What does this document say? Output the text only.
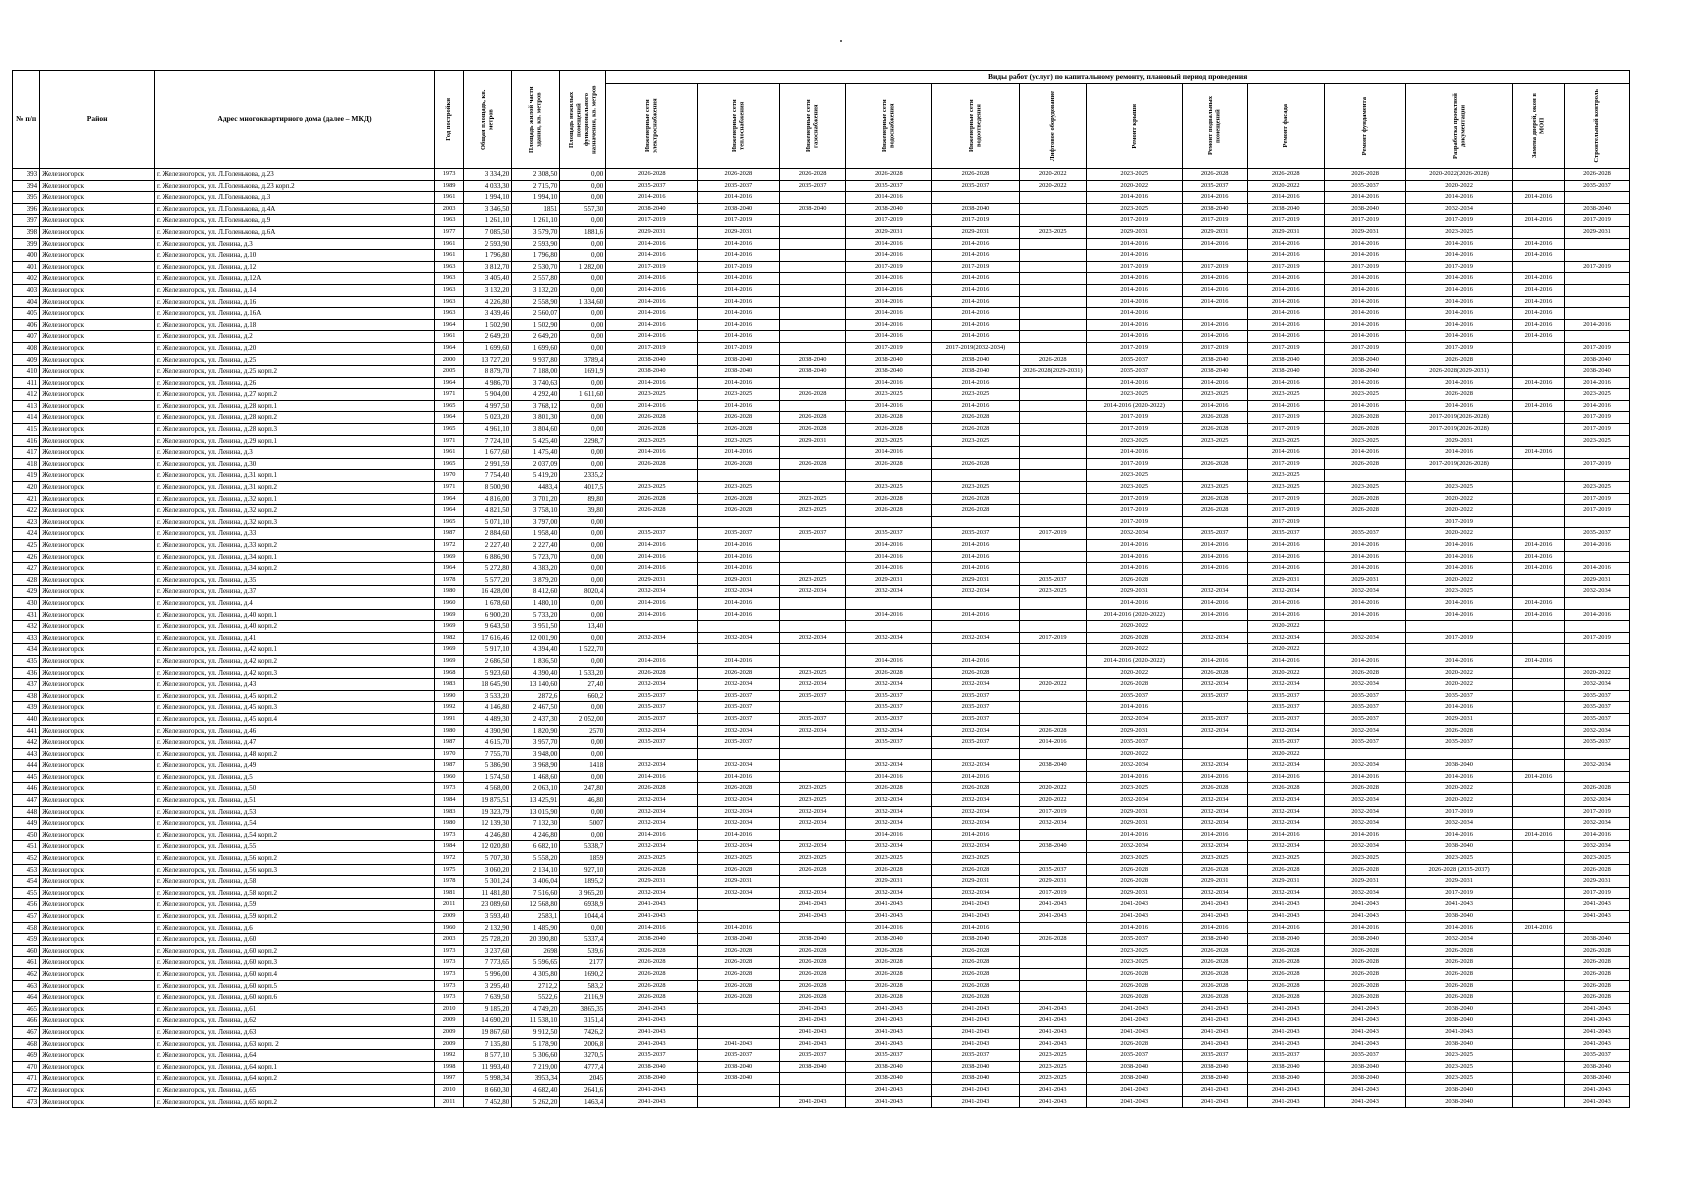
№ п/п	Район	Адрес многоквартирного дома (далее – МКД)	Год постройки	Общая площадь, кв. метров	Площадь жилой части здания, кв. метров	Площадь нежилых помещений функционального назначения, кв. метров	Виды работ (услуг) по капитальному ремонту, плановый период проведения												

							Инженерные сети электроснабжения	Инженерные сети теплоснабжения	Инженерные сети газоснабжения	Инженерные сети водоснабжения	Инженерные сети водоотведения	Лифтовое оборудование	Ремонт крыши	Ремонт подвальных помещений	Ремонт фасада	Ремонт фундамента	Разработка проектной документации	Замена дверей, окон в МОП	Строительный контроль

393	Железногорск	г. Железногорск, ул. Л.Голенькова, д.23	1973	3 334,20	2 308,50	0,00	2026-2028	2026-2028	2026-2028	2026-2028	2026-2028	2020-2022	2023-2025	2026-2028	2026-2028	2026-2028	2020-2022(2026-2028)		2026-2028
394	Железногорск	г. Железногорск, ул. Л.Голенькова, д.23 корп.2	1989	4 033,30	2 715,70	0,00	2035-2037	2035-2037	2035-2037	2035-2037	2035-2037	2020-2022	2020-2022	2035-2037	2020-2022	2035-2037	2020-2022		2035-2037
395	Железногорск	г. Железногорск, ул. Л.Голенькова, д.3	1961	1 994,10	1 994,10	0,00	2014-2016	2014-2016		2014-2016			2014-2016	2014-2016	2014-2016	2014-2016	2014-2016	2014-2016	
396	Железногорск	г. Железногорск, ул. Л.Голенькова, д.4А	2003	3 346,50	1851	557,30	2038-2040	2038-2040	2038-2040	2038-2040	2038-2040		2023-2025	2038-2040	2038-2040	2038-2040	2032-2034		2038-2040
397	Железногорск	г. Железногорск, ул. Л.Голенькова, д.9	1963	1 261,10	1 261,10	0,00	2017-2019	2017-2019		2017-2019	2017-2019		2017-2019	2017-2019	2017-2019	2017-2019	2017-2019	2014-2016	2017-2019
398	Железногорск	г. Железногорск, ул. Л.Голенькова, д.6А	1977	7 085,50	3 579,70	1881,6	2029-2031	2029-2031		2029-2031	2029-2031	2023-2025	2029-2031	2029-2031	2029-2031	2029-2031	2023-2025		2029-2031
399	Железногорск	г. Железногорск, ул. Ленина, д.3	1961	2 593,90	2 593,90	0,00	2014-2016	2014-2016		2014-2016	2014-2016		2014-2016	2014-2016	2014-2016	2014-2016	2014-2016	2014-2016	
400	Железногорск	г. Железногорск, ул. Ленина, д.10	1961	1 796,80	1 796,80	0,00	2014-2016	2014-2016		2014-2016	2014-2016		2014-2016		2014-2016	2014-2016	2014-2016	2014-2016	
401	Железногорск	г. Железногорск, ул. Ленина, д.12	1963	3 812,70	2 530,70	1 282,00	2017-2019	2017-2019		2017-2019	2017-2019		2017-2019	2017-2019	2017-2019	2017-2019	2017-2019		2017-2019
402	Железногорск	г. Железногорск, ул. Ленина, д.12А	1963	3 405,40	2 557,80	0,00	2014-2016	2014-2016		2014-2016	2014-2016		2014-2016	2014-2016	2014-2016	2014-2016	2014-2016	2014-2016	
403	Железногорск	г. Железногорск, ул. Ленина, д.14	1963	3 132,20	3 132,20	0,00	2014-2016	2014-2016		2014-2016	2014-2016		2014-2016	2014-2016	2014-2016	2014-2016	2014-2016	2014-2016	
404	Железногорск	г. Железногорск, ул. Ленина, д.16	1963	4 226,80	2 558,90	1 334,60	2014-2016	2014-2016		2014-2016	2014-2016		2014-2016	2014-2016	2014-2016	2014-2016	2014-2016	2014-2016	
405	Железногорск	г. Железногорск, ул. Ленина, д.16А	1963	3 439,46	2 560,07	0,00	2014-2016	2014-2016		2014-2016	2014-2016		2014-2016		2014-2016	2014-2016	2014-2016	2014-2016	
406	Железногорск	г. Железногорск, ул. Ленина, д.18	1964	1 502,90	1 502,90	0,00	2014-2016	2014-2016		2014-2016	2014-2016		2014-2016	2014-2016	2014-2016	2014-2016	2014-2016	2014-2016	2014-2016
407	Железногорск	г. Железногорск, ул. Ленина, д.2	1961	2 649,20	2 649,20	0,00	2014-2016	2014-2016		2014-2016	2014-2016		2014-2016	2014-2016	2014-2016	2014-2016	2014-2016	2014-2016	
408	Железногорск	г. Железногорск, ул. Ленина, д.20	1964	1 699,60	1 699,60	0,00	2017-2019	2017-2019		2017-2019	2017-2019(2032-2034)		2017-2019	2017-2019	2017-2019	2017-2019	2017-2019		2017-2019
409	Железногорск	г. Железногорск, ул. Ленина, д.25	2000	13 727,20	9 937,80	3789,4	2038-2040	2038-2040	2038-2040	2038-2040	2038-2040	2026-2028	2035-2037	2038-2040	2038-2040	2038-2040	2026-2028		2038-2040
410	Железногорск	г. Железногорск, ул. Ленина, д.25 корп.2	2005	8 879,70	7 188,00	1691,9	2038-2040	2038-2040	2038-2040	2038-2040	2038-2040	2026-2028(2029-2031)	2035-2037	2038-2040	2038-2040	2038-2040	2026-2028(2029-2031)		2038-2040
411	Железногорск	г. Железногорск, ул. Ленина, д.26	1964	4 986,70	3 740,63	0,00	2014-2016	2014-2016		2014-2016	2014-2016		2014-2016	2014-2016	2014-2016	2014-2016	2014-2016	2014-2016	2014-2016
412	Железногорск	г. Железногорск, ул. Ленина, д.27 корп.2	1971	5 904,00	4 292,40	1 611,60	2023-2025	2023-2025	2026-2028	2023-2025	2023-2025		2023-2025	2023-2025	2023-2025	2023-2025	2026-2028		2023-2025
413	Железногорск	г. Железногорск, ул. Ленина, д.28 корп.1	1965	4 997,50	3 768,12	0,00	2014-2016	2014-2016		2014-2016	2014-2016		2014-2016 (2020-2022)	2014-2016	2014-2016	2014-2016	2014-2016	2014-2016	2014-2016
414	Железногорск	г. Железногорск, ул. Ленина, д.28 корп.2	1964	5 023,20	3 801,30	0,00	2026-2028	2026-2028	2026-2028	2026-2028	2026-2028		2017-2019	2026-2028	2017-2019	2026-2028	2017-2019(2026-2028)		2017-2019
415	Железногорск	г. Железногорск, ул. Ленина, д.28 корп.3	1965	4 961,10	3 804,60	0,00	2026-2028	2026-2028	2026-2028	2026-2028	2026-2028		2017-2019	2026-2028	2017-2019	2026-2028	2017-2019(2026-2028)		2017-2019
416	Железногорск	г. Железногорск, ул. Ленина, д.29 корп.1	1971	7 724,10	5 425,40	2298,7	2023-2025	2023-2025	2029-2031	2023-2025	2023-2025		2023-2025	2023-2025	2023-2025	2023-2025	2029-2031		2023-2025
417	Железногорск	г. Железногорск, ул. Ленина, д.3	1961	1 677,60	1 475,40	0,00	2014-2016	2014-2016		2014-2016			2014-2016		2014-2016	2014-2016	2014-2016	2014-2016	
418	Железногорск	г. Железногорск, ул. Ленина, д.30	1965	2 991,59	2 037,09	0,00	2026-2028	2026-2028	2026-2028	2026-2028	2026-2028		2017-2019	2026-2028	2017-2019	2026-2028	2017-2019(2026-2028)		2017-2019
419	Железногорск	г. Железногорск, ул. Ленина, д.31 корп.1	1970	7 754,40	5 419,20	2335,2							2023-2025		2023-2025				
420	Железногорск	г. Железногорск, ул. Ленина, д.31 корп.2	1971	8 500,90	4483,4	4017,5	2023-2025	2023-2025		2023-2025	2023-2025		2023-2025	2023-2025	2023-2025	2023-2025	2023-2025		2023-2025
421	Железногорск	г. Железногорск, ул. Ленина, д.32 корп.1	1964	4 816,00	3 701,20	89,80	2026-2028	2026-2028	2023-2025	2026-2028	2026-2028		2017-2019	2026-2028	2017-2019	2026-2028	2020-2022		2017-2019
422	Железногорск	г. Железногорск, ул. Ленина, д.32 корп.2	1964	4 821,50	3 758,10	39,80	2026-2028	2026-2028	2023-2025	2026-2028	2026-2028		2017-2019	2026-2028	2017-2019	2026-2028	2020-2022		2017-2019
423	Железногорск	г. Железногорск, ул. Ленина, д.32 корп.3	1965	5 071,10	3 797,00	0,00							2017-2019		2017-2019		2017-2019		
424	Железногорск	г. Железногорск, ул. Ленина, д.33	1987	2 884,60	1 958,40	0,00	2035-2037	2035-2037	2035-2037	2035-2037	2035-2037	2017-2019	2032-2034	2035-2037	2035-2037	2035-2037	2020-2022		2035-2037
425	Железногорск	г. Железногорск, ул. Ленина, д.33 корп.2	1972	2 227,40	2 227,40	0,00	2014-2016	2014-2016		2014-2016	2014-2016		2014-2016	2014-2016	2014-2016	2014-2016	2014-2016	2014-2016	2014-2016
426	Железногорск	г. Железногорск, ул. Ленина, д.34 корп.1	1969	6 886,90	5 723,70	0,00	2014-2016	2014-2016		2014-2016	2014-2016		2014-2016	2014-2016	2014-2016	2014-2016	2014-2016	2014-2016	
427	Железногорск	г. Железногорск, ул. Ленина, д.34 корп.2	1964	5 272,80	4 383,20	0,00	2014-2016	2014-2016		2014-2016	2014-2016		2014-2016	2014-2016	2014-2016	2014-2016	2014-2016	2014-2016	2014-2016
428	Железногорск	г. Железногорск, ул. Ленина, д.35	1978	5 577,20	3 879,20	0,00	2029-2031	2029-2031	2023-2025	2029-2031	2029-2031	2035-2037	2026-2028		2029-2031	2029-2031	2020-2022		2029-2031
429	Железногорск	г. Железногорск, ул. Ленина, д.37	1980	16 428,00	8 412,60	8020,4	2032-2034	2032-2034	2032-2034	2032-2034	2032-2034	2023-2025	2029-2031	2032-2034	2032-2034	2032-2034	2023-2025		2032-2034
430	Железногорск	г. Железногорск, ул. Ленина, д.4	1960	1 678,60	1 480,10	0,00	2014-2016	2014-2016					2014-2016	2014-2016	2014-2016	2014-2016	2014-2016	2014-2016	
431	Железногорск	г. Железногорск, ул. Ленина, д.40 корп.1	1969	6 900,20	5 733,20	0,00	2014-2016	2014-2016		2014-2016	2014-2016		2014-2016 (2020-2022)	2014-2016	2014-2016	2014-2016	2014-2016	2014-2016	2014-2016
432	Железногорск	г. Железногорск, ул. Ленина, д.40 корп.2	1969	9 643,50	3 951,50	13,40							2020-2022		2020-2022				
433	Железногорск	г. Железногорск, ул. Ленина, д.41	1982	17 616,46	12 001,90	0,00	2032-2034	2032-2034	2032-2034	2032-2034	2032-2034	2017-2019	2026-2028	2032-2034	2032-2034	2032-2034	2017-2019		2017-2019
434	Железногорск	г. Железногорск, ул. Ленина, д.42 корп.1	1969	5 917,10	4 394,40	1 522,70							2020-2022		2020-2022				
435	Железногорск	г. Железногорск, ул. Ленина, д.42 корп.2	1969	2 686,50	1 836,50	0,00	2014-2016	2014-2016		2014-2016	2014-2016		2014-2016 (2020-2022)	2014-2016	2014-2016	2014-2016	2014-2016	2014-2016	
436	Железногорск	г. Железногорск, ул. Ленина, д.42 корп.3	1968	5 923,60	4 390,40	1 533,20	2026-2028	2026-2028	2023-2025	2026-2028	2026-2028		2020-2022	2026-2028	2020-2022	2026-2028	2020-2022		2020-2022
437	Железногорск	г. Железногорск, ул. Ленина, д.43	1983	18 645,90	13 140,60	27,40	2032-2034	2032-2034	2032-2034	2032-2034	2032-2034	2020-2022	2026-2028	2032-2034	2032-2034	2032-2034	2020-2022		2032-2034
438	Железногорск	г. Железногорск, ул. Ленина, д.45 корп.2	1990	3 533,20	2872,6	660,2	2035-2037	2035-2037	2035-2037	2035-2037	2035-2037		2035-2037	2035-2037	2035-2037	2035-2037	2035-2037		2035-2037
439	Железногорск	г. Железногорск, ул. Ленина, д.45 корп.3	1992	4 146,80	2 467,50	0,00	2035-2037	2035-2037		2035-2037	2035-2037		2014-2016		2035-2037	2035-2037	2014-2016		2035-2037
440	Железногорск	г. Железногорск, ул. Ленина, д.45 корп.4	1991	4 489,30	2 437,30	2 052,00	2035-2037	2035-2037	2035-2037	2035-2037	2035-2037		2032-2034	2035-2037	2035-2037	2035-2037	2029-2031		2035-2037
441	Железногорск	г. Железногорск, ул. Ленина, д.46	1980	4 390,90	1 820,90	2570	2032-2034	2032-2034	2032-2034	2032-2034	2032-2034	2026-2028	2029-2031	2032-2034	2032-2034	2032-2034	2026-2028		2032-2034
442	Железногорск	г. Железногорск, ул. Ленина, д.47	1987	4 615,70	3 957,70	0,00	2035-2037	2035-2037		2035-2037	2035-2037	2014-2016	2035-2037		2035-2037	2035-2037	2035-2037		2035-2037
443	Железногорск	г. Железногорск, ул. Ленина, д.48 корп.2	1970	7 755,70	3 948,00	0,00							2020-2022		2020-2022				
444	Железногорск	г. Железногорск, ул. Ленина, д.49	1987	5 386,90	3 968,90	1418	2032-2034	2032-2034		2032-2034	2032-2034	2038-2040	2032-2034	2032-2034	2032-2034	2032-2034	2038-2040		2032-2034
445	Железногорск	г. Железногорск, ул. Ленина, д.5	1960	1 574,50	1 468,60	0,00	2014-2016	2014-2016		2014-2016	2014-2016		2014-2016	2014-2016	2014-2016	2014-2016	2014-2016	2014-2016	
446	Железногорск	г. Железногорск, ул. Ленина, д.50	1973	4 568,00	2 063,10	247,80	2026-2028	2026-2028	2023-2025	2026-2028	2026-2028	2020-2022	2023-2025	2026-2028	2026-2028	2026-2028	2020-2022		2026-2028
447	Железногорск	г. Железногорск, ул. Ленина, д.51	1984	19 875,51	13 425,91	46,80	2032-2034	2032-2034	2023-2025	2032-2034	2032-2034	2020-2022	2032-2034	2032-2034	2032-2034	2032-2034	2020-2022		2032-2034
448	Железногорск	г. Железногорск, ул. Ленина, д.53	1983	19 323,79	13 015,90	0,00	2032-2034	2032-2034	2032-2034	2032-2034	2032-2034	2017-2019	2029-2031	2032-2034	2032-2034	2032-2034	2017-2019		2017-2019
449	Железногорск	г. Железногорск, ул. Ленина, д.54	1980	12 139,30	7 132,30	5007	2032-2034	2032-2034	2032-2034	2032-2034	2032-2034	2032-2034	2029-2031	2032-2034	2032-2034	2032-2034	2032-2034		2032-2034
450	Железногорск	г. Железногорск, ул. Ленина, д.54 корп.2	1973	4 246,80	4 246,80	0,00	2014-2016	2014-2016		2014-2016	2014-2016		2014-2016	2014-2016	2014-2016	2014-2016	2014-2016	2014-2016	2014-2016
451	Железногорск	г. Железногорск, ул. Ленина, д.55	1984	12 020,80	6 682,10	5338,7	2032-2034	2032-2034	2032-2034	2032-2034	2032-2034	2038-2040	2032-2034	2032-2034	2032-2034	2032-2034	2038-2040		2032-2034
452	Железногорск	г. Железногорск, ул. Ленина, д.56 корп.2	1972	5 707,30	5 558,20	1859	2023-2025	2023-2025	2023-2025	2023-2025	2023-2025		2023-2025	2023-2025	2023-2025	2023-2025	2023-2025		2023-2025
453	Железногорск	г. Железногорск, ул. Ленина, д.56 корп.3	1975	3 060,20	2 134,10	927,10	2026-2028	2026-2028	2026-2028	2026-2028	2026-2028	2035-2037	2026-2028	2026-2028	2026-2028	2026-2028	2026-2028 (2035-2037)		2026-2028
454	Железногорск	г. Железногорск, ул. Ленина, д.58	1978	5 301,24	3 406,04	1895,2	2029-2031	2029-2031		2029-2031	2029-2031	2029-2031	2026-2028	2029-2031	2029-2031	2029-2031	2029-2031		2029-2031
455	Железногорск	г. Железногорск, ул. Ленина, д.58 корп.2	1981	11 481,80	7 516,60	3 965,20	2032-2034	2032-2034	2032-2034	2032-2034	2032-2034	2017-2019	2029-2031	2032-2034	2032-2034	2032-2034	2017-2019		2017-2019
456	Железногорск	г. Железногорск, ул. Ленина, д.59	2011	23 089,60	12 568,80	6938,9	2041-2043		2041-2043	2041-2043	2041-2043	2041-2043	2041-2043	2041-2043	2041-2043	2041-2043	2041-2043		2041-2043
457	Железногорск	г. Железногорск, ул. Ленина, д.59 корп.2	2009	3 593,40	2583,1	1044,4	2041-2043		2041-2043	2041-2043	2041-2043	2041-2043	2041-2043	2041-2043	2041-2043	2041-2043	2038-2040		2041-2043
458	Железногорск	г. Железногорск, ул. Ленина, д.6	1960	2 132,90	1 485,90	0,00	2014-2016	2014-2016		2014-2016	2014-2016		2014-2016	2014-2016	2014-2016	2014-2016	2014-2016	2014-2016	
459	Железногорск	г. Железногорск, ул. Ленина, д.60	2003	25 728,20	20 390,80	5337,4	2038-2040	2038-2040	2038-2040	2038-2040	2038-2040	2026-2028	2035-2037	2038-2040	2038-2040	2038-2040	2032-2034		2038-2040
460	Железногорск	г. Железногорск, ул. Ленина, д.60 корп.2	1973	3 237,60	2698	539,6	2026-2028	2026-2028	2026-2028	2026-2028	2026-2028		2023-2025	2026-2028	2026-2028	2026-2028	2026-2028		2026-2028
461	Железногорск	г. Железногорск, ул. Ленина, д.60 корп.3	1973	7 773,65	5 596,65	2177	2026-2028	2026-2028	2026-2028	2026-2028	2026-2028		2023-2025	2026-2028	2026-2028	2026-2028	2026-2028		2026-2028
462	Железногорск	г. Железногорск, ул. Ленина, д.60 корп.4	1973	5 996,00	4 305,80	1690,2	2026-2028	2026-2028	2026-2028	2026-2028	2026-2028		2026-2028	2026-2028	2026-2028	2026-2028	2026-2028		2026-2028
463	Железногорск	г. Железногорск, ул. Ленина, д.60 корп.5	1973	3 295,40	2712,2	583,2	2026-2028	2026-2028	2026-2028	2026-2028	2026-2028		2026-2028	2026-2028	2026-2028	2026-2028	2026-2028		2026-2028
464	Железногорск	г. Железногорск, ул. Ленина, д.60 корп.6	1973	7 639,50	5522,6	2116,9	2026-2028	2026-2028	2026-2028	2026-2028	2026-2028		2026-2028	2026-2028	2026-2028	2026-2028	2026-2028		2026-2028
465	Железногорск	г. Железногорск, ул. Ленина, д.61	2010	9 185,20	4 749,20	3865,35	2041-2043		2041-2043	2041-2043	2041-2043	2041-2043	2041-2043	2041-2043	2041-2043	2041-2043	2038-2040		2041-2043
466	Железногорск	г. Железногорск, ул. Ленина, д.62	2009	14 690,20	11 538,10	3151,4	2041-2043		2041-2043	2041-2043	2041-2043	2041-2043	2041-2043	2041-2043	2041-2043	2041-2043	2038-2040		2041-2043
467	Железногорск	г. Железногорск, ул. Ленина, д.63	2009	19 867,60	9 912,50	7426,2	2041-2043		2041-2043	2041-2043	2041-2043	2041-2043	2041-2043	2041-2043	2041-2043	2041-2043	2041-2043		2041-2043
468	Железногорск	г. Железногорск, ул. Ленина, д.63 корп. 2	2009	7 135,80	5 178,90	2006,8	2041-2043	2041-2043	2041-2043	2041-2043	2041-2043	2041-2043	2026-2028	2041-2043	2041-2043	2041-2043	2038-2040		2041-2043
469	Железногорск	г. Железногорск, ул. Ленина, д.64	1992	8 577,10	5 306,60	3270,5	2035-2037	2035-2037	2035-2037	2035-2037	2035-2037	2023-2025	2035-2037	2035-2037	2035-2037	2035-2037	2023-2025		2035-2037
470	Железногорск	г. Железногорск, ул. Ленина, д.64 корп.1	1998	11 993,40	7 219,00	4777,4	2038-2040	2038-2040	2038-2040	2038-2040	2038-2040	2023-2025	2038-2040	2038-2040	2038-2040	2038-2040	2023-2025		2038-2040
471	Железногорск	г. Железногорск, ул. Ленина, д.64 корп.2	1997	5 998,34	3953,34	2045	2038-2040	2038-2040		2038-2040	2038-2040	2023-2025	2038-2040	2038-2040	2038-2040	2038-2040	2023-2025		2038-2040
472	Железногорск	г. Железногорск, ул. Ленина, д.65	2010	8 660,30	4 682,40	2641,6	2041-2043			2041-2043	2041-2043	2041-2043	2041-2043	2041-2043	2041-2043	2041-2043	2038-2040		2041-2043
473	Железногорск	г. Железногорск, ул. Ленина, д.65 корп.2	2011	7 452,80	5 262,20	1463,4	2041-2043		2041-2043	2041-2043	2041-2043	2041-2043	2041-2043	2041-2043	2041-2043	2041-2043	2038-2040		2041-2043
